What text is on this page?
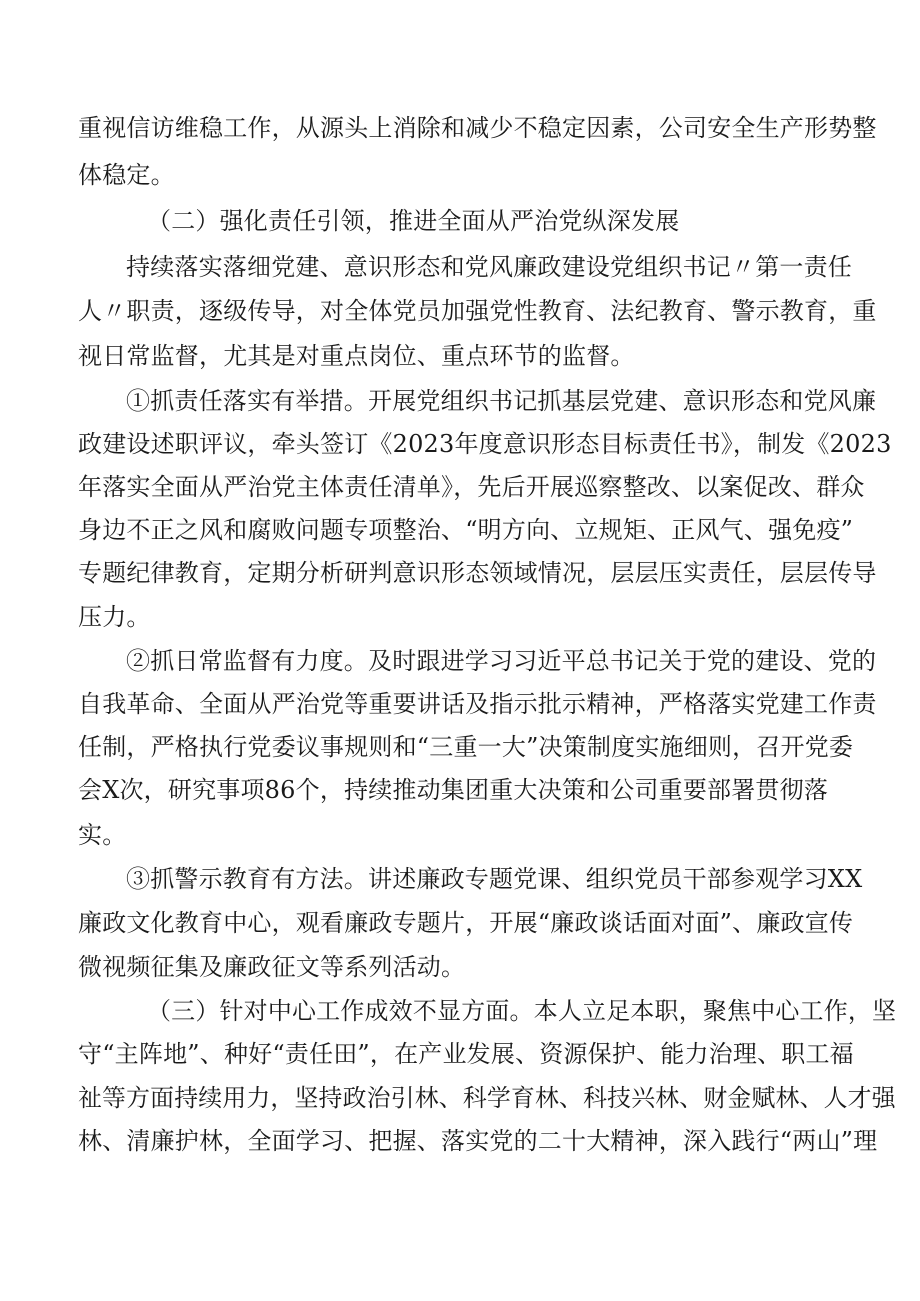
重视信访维稳工作，从源头上消除和减少不稳定因素，公司安全生产形势整
体稳定。
（二）强化责任引领，推进全面从严治党纵深发展
持续落实落细党建、意识形态和党风廉政建设党组织书记〃第一责任
人〃职责，逐级传导，对全体党员加强党性教育、法纪教育、警示教育，重
视日常监督，尤其是对重点岗位、重点环节的监督。
①抓责任落实有举措。开展党组织书记抓基层党建、意识形态和党风廉
政建设述职评议，牵头签订《2023年度意识形态目标责任书》，制发《2023
年落实全面从严治党主体责任清单》，先后开展巡察整改、以案促改、群众
身边不正之风和腐败问题专项整治、“明方向、立规矩、正风气、强免疫”
专题纪律教育，定期分析研判意识形态领域情况，层层压实责任，层层传导
压力。
②抓日常监督有力度。及时跟进学习习近平总书记关于党的建设、党的
自我革命、全面从严治党等重要讲话及指示批示精神，严格落实党建工作责
任制，严格执行党委议事规则和“三重一大”决策制度实施细则，召开党委
会X次，研究事项86个，持续推动集团重大决策和公司重要部署贯彻落
实。
③抓警示教育有方法。讲述廉政专题党课、组织党员干部参观学习XX
廉政文化教育中心，观看廉政专题片，开展“廉政谈话面对面”、廉政宣传
微视频征集及廉政征文等系列活动。
（三）针对中心工作成效不显方面。本人立足本职，聚焦中心工作，坚
守“主阵地”、种好“责任田”，在产业发展、资源保护、能力治理、职工福
祉等方面持续用力，坚持政治引林、科学育林、科技兴林、财金赋林、人才强
林、清廉护林，全面学习、把握、落实党的二十大精神，深入践行“两山”理
